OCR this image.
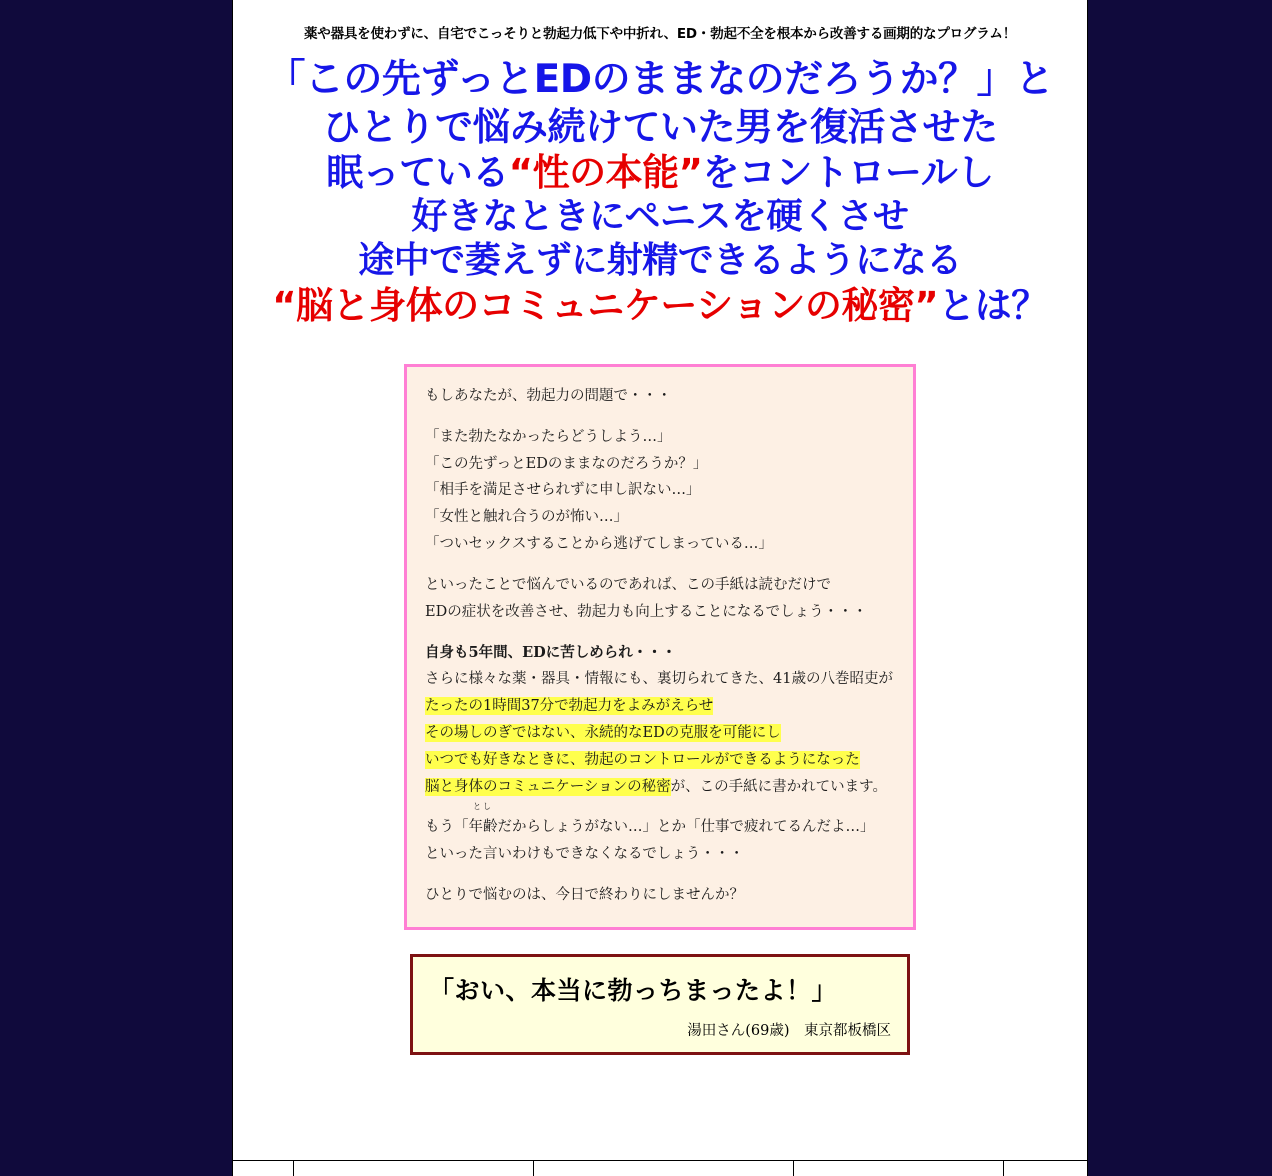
薬や器具を使わずに、自宅でこっそりと勃起力低下や中折れ、ED・勃起不全を根本から改善する画期的なプログラム！
「この先ずっとEDのままなのだろうか？」と
ひとりで悩み続けていた男を復活させた
眠っている“性の本能”をコントロールし
好きなときにペニスを硬くさせ
途中で萎えずに射精できるようになる
“脳と身体のコミュニケーションの秘密”とは？

もしあなたが、勃起力の問題で・・・

「また勃たなかったらどうしよう…」

「この先ずっとEDのままなのだろうか？」

「相手を満足させられずに申し訳ない…」

「女性と触れ合うのが怖い…」

「ついセックスすることから逃げてしまっている…」

といったことで悩んでいるのであれば、この手紙は読むだけで

EDの症状を改善させ、勃起力も向上することになるでしょう・・・

自身も5年間、EDに苦しめられ・・・

さらに様々な薬・器具・情報にも、裏切られてきた、41歳の八巻昭吏が

たったの1時間37分で勃起力をよみがえらせ

その場しのぎではない、永続的なEDの克服を可能にし

いつでも好きなときに、勃起のコントロールができるようになった

脳と身体のコミュニケーションの秘密が、この手紙に書かれています。

もう「
とし
年齢だからしょうがない…」とか「仕事で疲れてるんだよ…」

といった言いわけもできなくなるでしょう・・・

ひとりで悩むのは、今日で終わりにしませんか？

「おい、本当に勃っちまったよ！」
湯田さん(69歳)　東京都板橋区
